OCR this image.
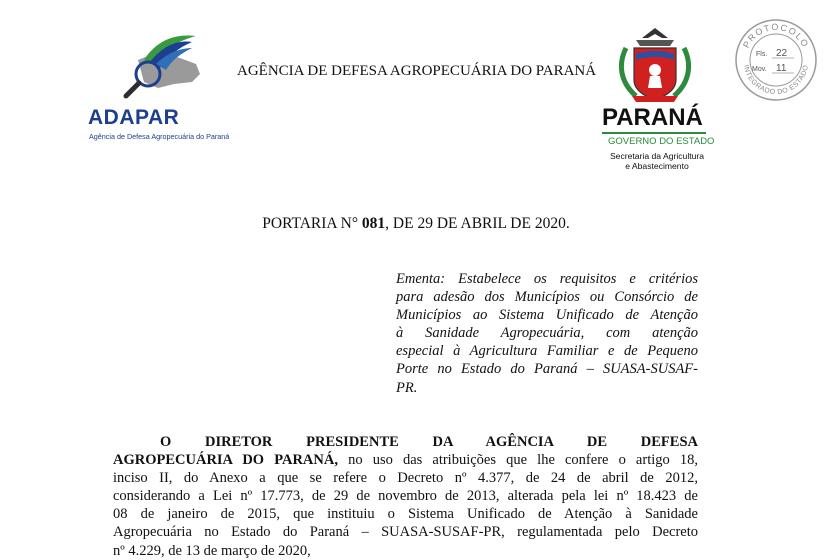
ADAPAR
Agência de Defesa Agropecuária do Paraná
AGÊNCIA DE DEFESA AGROPECUÁRIA DO PARANÁ
PARANÁ
GOVERNO DO ESTADO
Secretaria da Agricultura
e Abastecimento
PROTOCOLO
INTEGRADO DO ESTADO
Fls. 22
Mov. 11
PORTARIA N° 081, DE 29 DE ABRIL DE 2020.
Ementa: Estabelece os requisitos e critérios
para adesão dos Municípios ou Consórcio de
Municípios ao Sistema Unificado de Atenção
à Sanidade Agropecuária, com atenção
especial à Agricultura Familiar e de Pequeno
Porte no Estado do Paraná – SUASA-SUSAF-
PR.
O DIRETOR PRESIDENTE DA AGÊNCIA DE DEFESA
AGROPECUÁRIA DO PARANÁ, no uso das atribuições que lhe confere o artigo 18,
inciso II, do Anexo a que se refere o Decreto nº 4.377, de 24 de abril de 2012,
considerando a Lei nº 17.773, de 29 de novembro de 2013, alterada pela lei nº 18.423 de
08 de janeiro de 2015, que instituiu o Sistema Unificado de Atenção à Sanidade
Agropecuária no Estado do Paraná – SUASA-SUSAF-PR, regulamentada pelo Decreto
nº 4.229, de 13 de março de 2020,
